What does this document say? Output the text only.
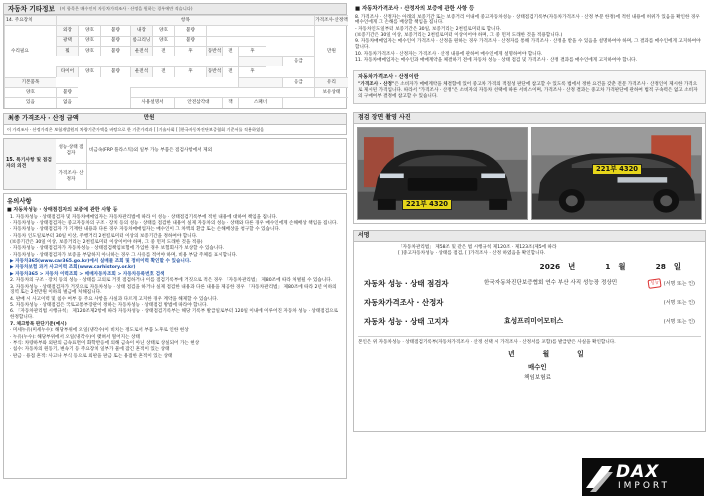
자동차 기타정보 (이 항목은 매수인이 자동차가격조사 · 산정을 원하는 경우에만 적습니다)
14. 주요장치	항목	가격조사·산정액
수리필요
외장	양호	불량	내장	양호	불량
만원
광택	양호	불량	룸크리닝	양호	불량
휠	양호	불량	운전석	전	후	동반석	전	후
응급
타이어	양호	불량	운전석	전	후	동반석	전	후
응급	유리
양호	불량
기본품목
보유상태
있음	없음	사용설명서	안전삼각대	잭	스패너
최종 가격조사 · 산정 금액	만원
이 가격조사 · 산정가격은 보험개발원의 차량기준가액을 바탕으로 한 기준가격과 [ ]기술사회 [ ]한국자동차진단보증협회 기준서를 적용하였음
15. 특기사항 및 점검자의 의견
성능·상태 점검자
비금속(FRP 플라스틱)외 일부 가능 부품은 점검사항에서 제외
가격조사· 산정자
유의사항

■ 자동차성능 · 상태점검자의 보증에 관한 사항 등

1. 자동차성능 · 상태점검자 및 자동차매매업자는 자동차관리법에 따라 이 성능 · 상태점검기록부에 적힌 내용에 대하여 책임을 집니다.

· 자동차성능 · 상태점검자는 중고자동차의 구조 · 장치 등의 성능 · 상태를 점검한 내용이 실제 자동차의 성능 · 상태와 다른 경우 매수인에게 손해배상 책임을 집니다.

· 자동차성능 · 상태점검자 가 기재한 내용과 다른 경우 자동차매매업자는 매수인이 그 차액의 환급 또는 손해배상을 청구할 수 있습니다.

· 자동차 인도일로부터 30일 이상, 주행거리 2천킬로미터 이상의 보증기간을 정하여야 합니다.

(보증기간은 30일 이상, 보증거리는 2천킬로미터 이상이어야 하며, 그 중 먼저 도래한 것을 적용)

· 자동차성능 · 상태점검자가 자동차성능 · 상태점검책임보험에 가입한 경우 보험회사가 보상할 수 있습니다.

· 자동차성능 · 상태점검자가 보증을 부담하지 아니하는 경우 그 사유를 적어야 하며, 비용 부담 주체를 표시합니다.

▶ 자동차365(www.car365.go.kr)에서 실매물 조회 및 정비이력 확인할 수 있습니다.

▶ 자동차보험 과거 사고이력 조회(www.carhistory.or.kr)

▶ 자동차365 > 자동차 이력조회 > 매매자동차조회 > 자동차등록번호 검색

2. 자동차의 구조 · 장치 등의 성능 · 상태를 고의로 거짓 점검하거나 이를 점검기록부에 거짓으로 적은 경우 「자동차관리법」 제80조에 따라 처벌될 수 있습니다.

3. 자동차성능 · 상태점검자가 거짓으로 자동차성능 · 상태 점검을 하거나 실제 점검한 내용과 다른 내용을 제공한 경우 「자동차관리법」 제80조에 따라 2년 이하의 징역 또는 2천만원 이하의 벌금에 처해집니다.

4. 판매 시 사고이력 및 침수 여부 등 주요 사항을 사실과 다르게 고지한 경우 계약을 해제할 수 있습니다.

5. 자동차성능 · 상태점검은 국토교통부장관이 정하는 자동차성능 · 상태점검 방법에 따라야 합니다.

6. 「자동차관리법 시행규칙」 제120조제2항에 따라 자동차성능 · 상태점검기록부는 해당 기록부 발급일로부터 120일 이내에 이루어진 자동차 성능 · 상태점검으로 한정합니다.

7. 체크항목 판단기준(예시)

· 미세누유(미세누수): 해당부위에 오일(냉각수)이 비치는 정도로서 부품 노후로 인한 현상

· 누유(누수): 해당부위에서 오일(냉각수)이 맺혀서 떨어지는 상태

· 부식: 차량하부와 외판의 금속표면이 화학반응에 의해 금속이 아닌 상태로 상실되어 가는 현상

· 침수: 자동차의 원동기, 변속기 등 주요장치 일부가 물에 잠긴 흔적이 있는 상태

· 판금 · 용접 흔적: 사고나 부식 등으로 외판을 판금 또는 용접한 흔적이 있는 상태

■ 자동차가격조사 · 산정자의 보증에 관한 사항 등

8. 가격조사 · 산정자는 아래의 보증기간 또는 보증거리 이내에 중고자동차성능 · 상태점검기록부(자동차가격조사 · 산정 부분 한정)에 적힌 내용에 허위가 있음을 확인한 경우 매수인에게 그 손해를 배상할 책임을 집니다.

- 자동차인도일부터 보증기간은 30일, 보증거리는 2천킬로미터로 합니다.

(보증기간은 30일 이상, 보증거리는 2천킬로미터 이상이어야 하며, 그 중 먼저 도래한 것을 적용합니다.)

9. 자동차매매업자는 매수인이 가격조사 · 산정을 원하는 경우 가격조사 · 산정자를 통해 가격조사 · 산정을 받을 수 있음을 설명하여야 하며, 그 결과를 매수인에게 고지하여야 합니다.

10. 자동차가격조사 · 산정자는 가격조사 · 산정 내용에 관하여 매수인에게 설명하여야 합니다.

11. 자동차매매업자는 매수인과 매매계약을 체결하기 전에 자동차 성능 · 상태 점검 및 가격조사 · 산정 결과를 매수인에게 고지하여야 합니다.

자동차가격조사 · 산정이란

"가격조사 · 산정"은 소비자가 매매계약을 체결함에 있어 중고차 가격의 적절성 판단에 참고할 수 있도록 법에서 정한 요건을 갖춘 전문 가격조사 · 산정인이 제시한 가격으로 제시된 가격입니다. 따라서 "가격조사 · 산정"은 소비자의 자동차 선택에 따른 서비스이며, 가격조사 · 산정 결과는 중고차 가격판단에 관하여 법적 구속력은 없고 소비자의 구매여부 결정에 참고할 수 있습니다.

점검 장면 촬영 사진
221부 4320
221부 4320
서명

「자동차관리법」 제58조 및 같은 법 시행규칙 제120조 · 제123조(제5에 따라

[ ]중고자동차성능 · 상태를 점검, [ ]가격조사 · 산정 하였음을 확인합니다.

2026 년	1 월	28 일
자동차 성능 · 상태 점검자	한국자동차진단보증협회 연수 부산 사직 성능장 정상민	성능 (서명 또는 인)
자동차가격조사 · 산정자	(서명 또는 인)
자동차 성능 · 상태 고지자	효성프리미어모터스	(서명 또는 인)

본인은 위 자동차성능 · 상태점검기록부(자동차가격조사 · 산정 선택 시 가격조사 · 산정서를 포함)를 발급받은 사실을 확인합니다.

년	월	일
매수인
책임보험료
DAX
IMPORT
